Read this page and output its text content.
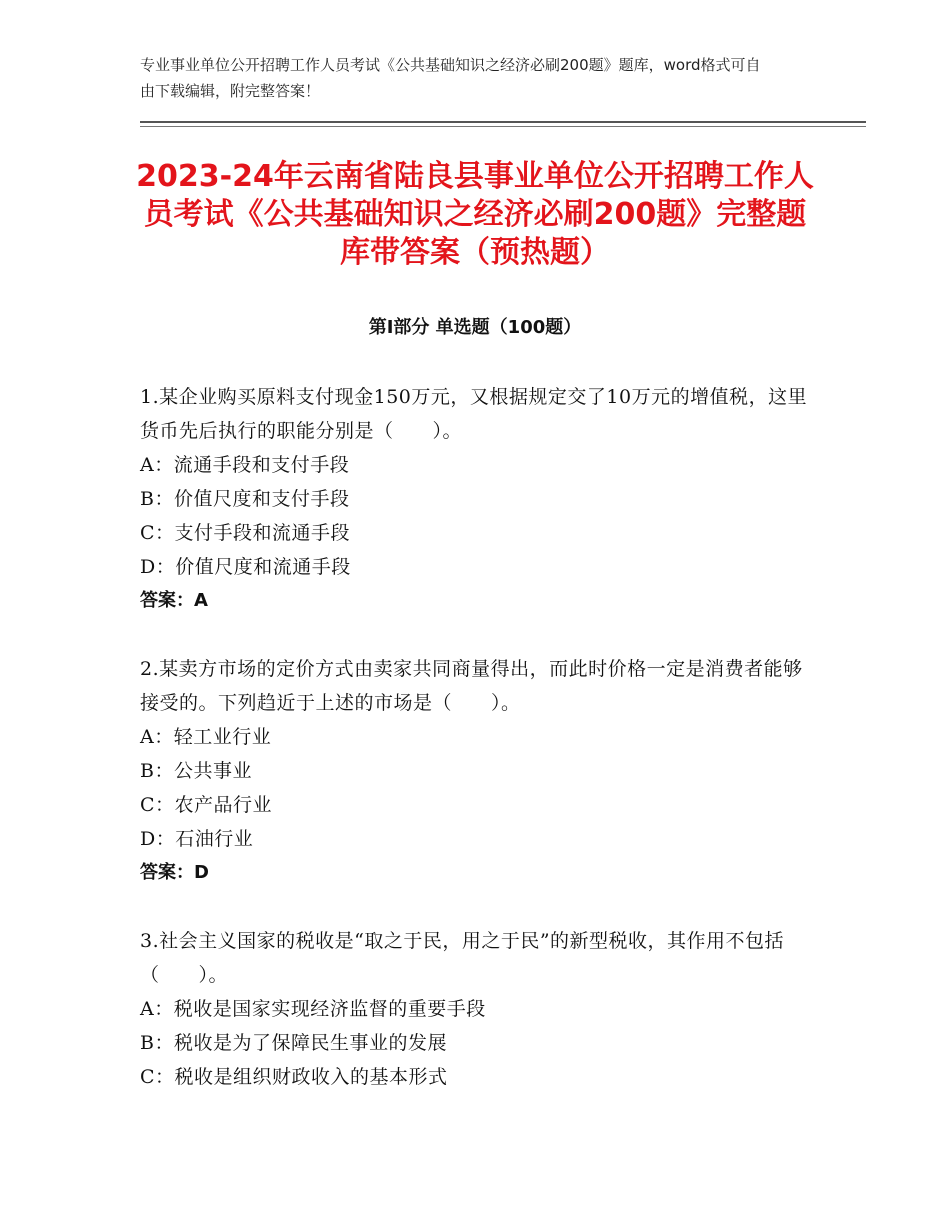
专业事业单位公开招聘工作人员考试《公共基础知识之经济必刷200题》题库，word格式可自由下载编辑，附完整答案！
2023-24年云南省陆良县事业单位公开招聘工作人员考试《公共基础知识之经济必刷200题》完整题库带答案（预热题）
第Ⅰ部分 单选题（100题）
1.某企业购买原料支付现金150万元，又根据规定交了10万元的增值税，这里货币先后执行的职能分别是（　　）。
A：流通手段和支付手段
B：价值尺度和支付手段
C：支付手段和流通手段
D：价值尺度和流通手段
答案：A
2.某卖方市场的定价方式由卖家共同商量得出，而此时价格一定是消费者能够接受的。下列趋近于上述的市场是（　　）。
A：轻工业行业
B：公共事业
C：农产品行业
D：石油行业
答案：D
3.社会主义国家的税收是“取之于民，用之于民”的新型税收，其作用不包括（　　）。
A：税收是国家实现经济监督的重要手段
B：税收是为了保障民生事业的发展
C：税收是组织财政收入的基本形式
